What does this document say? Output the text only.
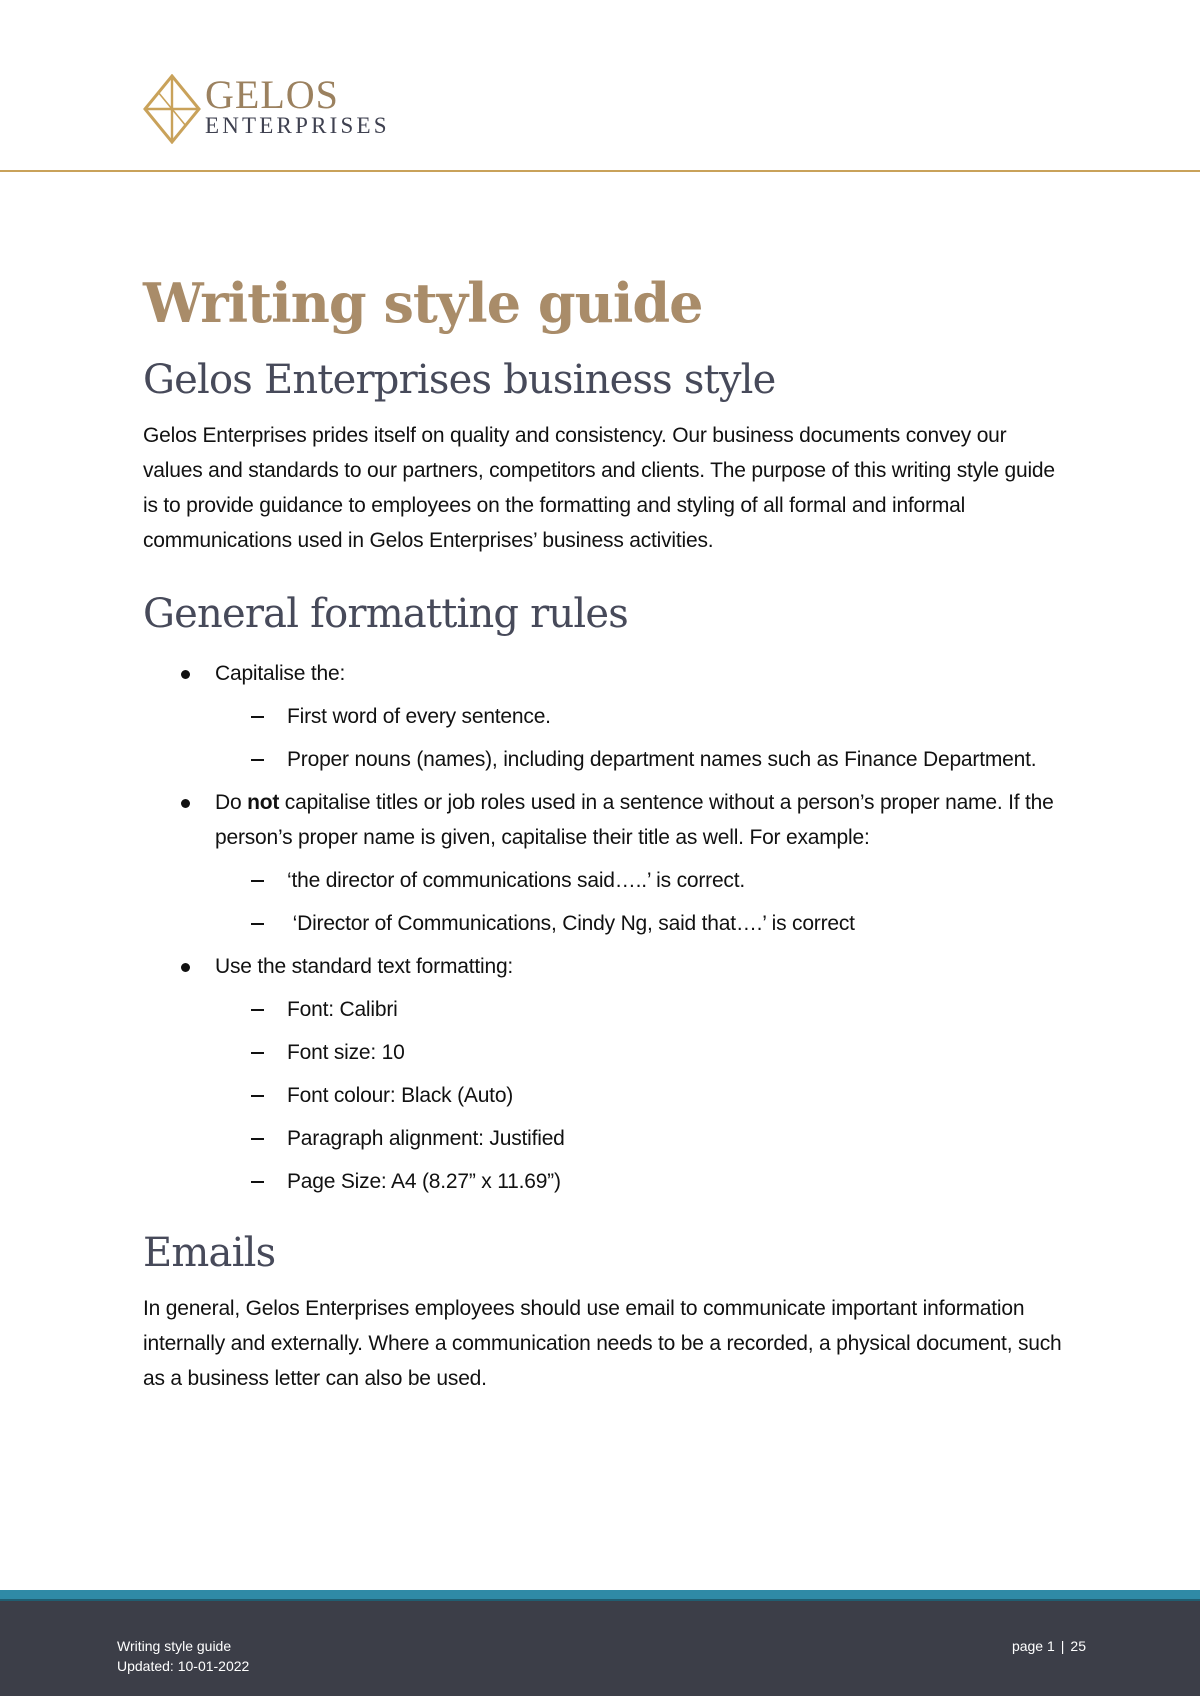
GELOS
ENTERPRISES
Writing style guide
Gelos Enterprises business style

Gelos Enterprises prides itself on quality and consistency. Our business documents convey our values and standards to our partners, competitors and clients. The purpose of this writing style guide is to provide guidance to employees on the formatting and styling of all formal and informal communications used in Gelos Enterprises’ business activities.

General formatting rules
Capitalise the:
First word of every sentence.
Proper nouns (names), including department names such as Finance Department.
Do not capitalise titles or job roles used in a sentence without a person’s proper name. If the person’s proper name is given, capitalise their title as well. For example:
‘the director of communications said…..’ is correct.
‘Director of Communications, Cindy Ng, said that….’ is correct
Use the standard text formatting:
Font: Calibri
Font size: 10
Font colour: Black (Auto)
Paragraph alignment: Justified
Page Size: A4 (8.27” x 11.69”)
Emails

In general, Gelos Enterprises employees should use email to communicate important information internally and externally. Where a communication needs to be a recorded, a physical document, such as a business letter can also be used.

Writing style guide
Updated: 10-01-2022
page 1 | 25
